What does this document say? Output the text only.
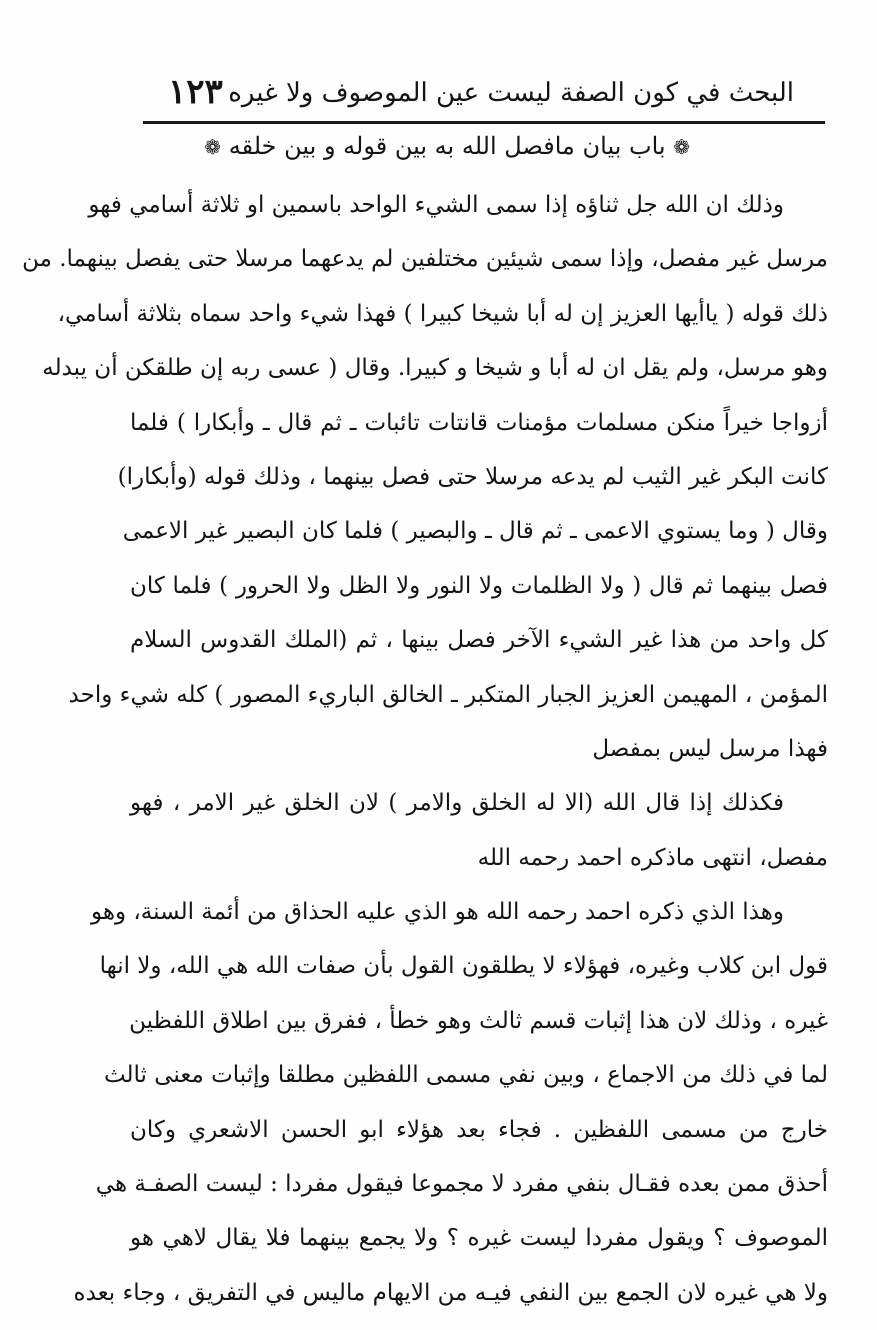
البحث في كون الصفة ليست عين الموصوف ولا غيره
١٢٣
❁ باب بيان مافصل الله به بين قوله و بين خلقه ❁
وذلك ان الله جل ثناؤه إذا سمى الشيء الواحد باسمين او ثلاثة أسامي فهو
مرسل غير مفصل، وإذا سمى شيئين مختلفين لم يدعهما مرسلا حتى يفصل بينهما. من
ذلك قوله ( ياأيها العزيز إن له أبا شيخا كبيرا ) فهذا شيء واحد سماه بثلاثة أسامي،
وهو مرسل، ولم يقل ان له أبا و شيخا و كبيرا. وقال ( عسى ربه إن طلقكن أن يبدله
أزواجا خيراً منكن مسلمات مؤمنات قانتات تائبات ـ ثم قال ـ وأبكارا ) فلما
كانت البكر غير الثيب لم يدعه مرسلا حتى فصل بينهما ، وذلك قوله (وأبكارا)
وقال ( وما يستوي الاعمى ـ ثم قال ـ والبصير ) فلما كان البصير غير الاعمى
فصل بينهما ثم قال ( ولا الظلمات ولا النور ولا الظل ولا الحرور ) فلما كان
كل واحد من هذا غير الشيء الآخر فصل بينها ، ثم (الملك القدوس السلام
المؤمن ، المهيمن العزيز الجبار المتكبر ـ الخالق الباريء المصور ) كله شيء واحد
فهذا مرسل ليس بمفصل
فكذلك إذا قال الله (الا له الخلق والامر ) لان الخلق غير الامر ، فهو
مفصل، انتهى ماذكره احمد رحمه الله
وهذا الذي ذكره احمد رحمه الله هو الذي عليه الحذاق من أئمة السنة، وهو
قول ابن كلاب وغيره، فهؤلاء لا يطلقون القول بأن صفات الله هي الله، ولا انها
غيره ، وذلك لان هذا إثبات قسم ثالث وهو خطأ ، ففرق بين اطلاق اللفظين
لما في ذلك من الاجماع ، وبين نفي مسمى اللفظين مطلقا وإثبات معنى ثالث
خارج من مسمى اللفظين . فجاء بعد هؤلاء ابو الحسن الاشعري وكان
أحذق ممن بعده فقـال بنفي مفرد لا مجموعا فيقول مفردا : ليست الصفـة هي
الموصوف ؟ ويقول مفردا ليست غيره ؟ ولا يجمع بينهما فلا يقال لاهي هو
ولا هي غيره لان الجمع بين النفي فيـه من الايهام ماليس في التفريق ، وجاء بعده
